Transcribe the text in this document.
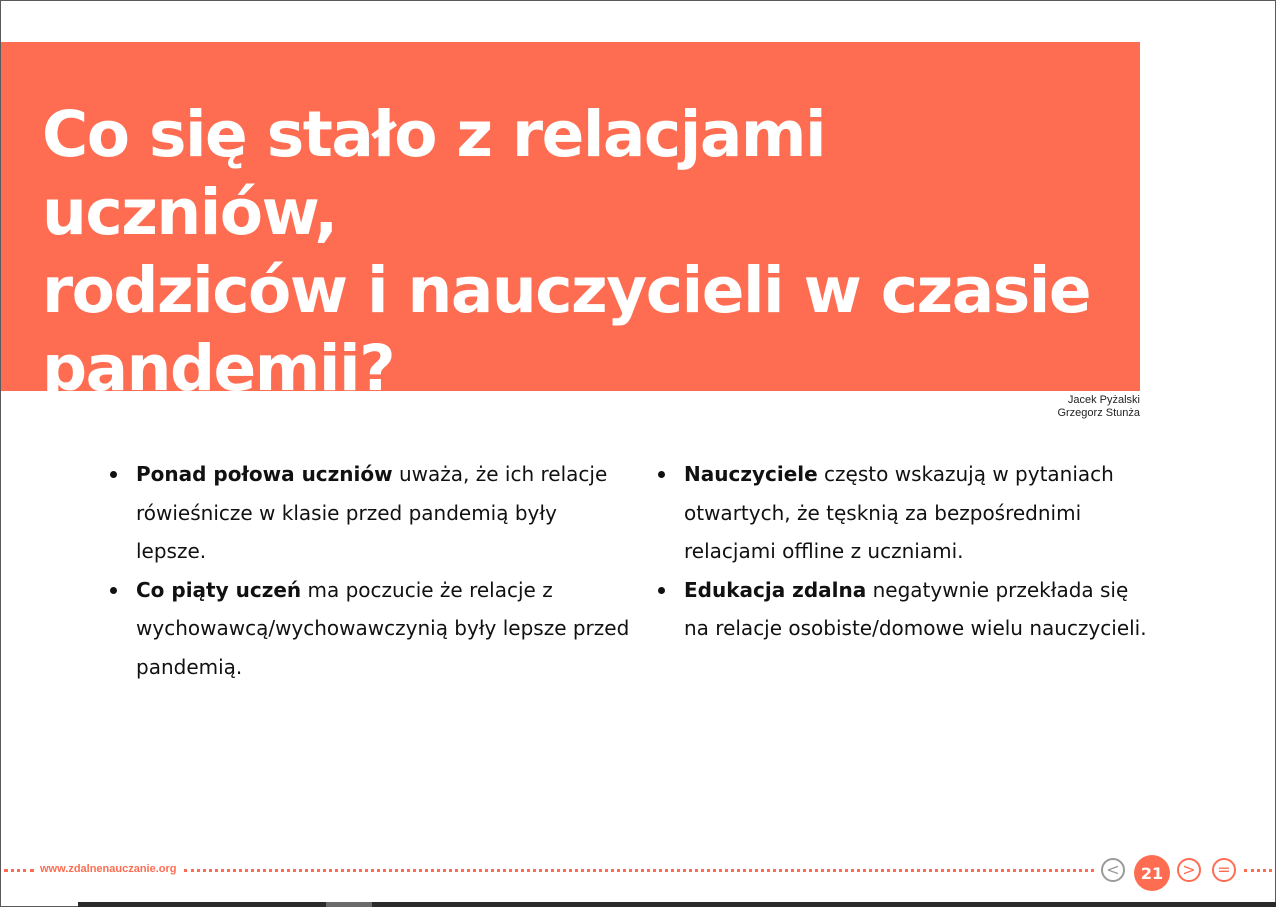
Co się stało z relacjami uczniów,
rodziców i nauczycieli w czasie
pandemii?	Jacek Pyżalski
Grzegorz Stunża
Ponad połowa uczniów uważa, że ich relacje rówieśnicze w klasie przed pandemią były lepsze.
Co piąty uczeń ma poczucie że relacje z wychowawcą/wychowawczynią były lepsze przed pandemią.
Nauczyciele często wskazują w pytaniach otwartych, że tęsknią za bezpośrednimi relacjami offline z uczniami.
Edukacja zdalna negatywnie przekłada się na relacje osobiste/domowe wielu nauczycieli.
www.zdalnenauczanie.org	<	21	> =
